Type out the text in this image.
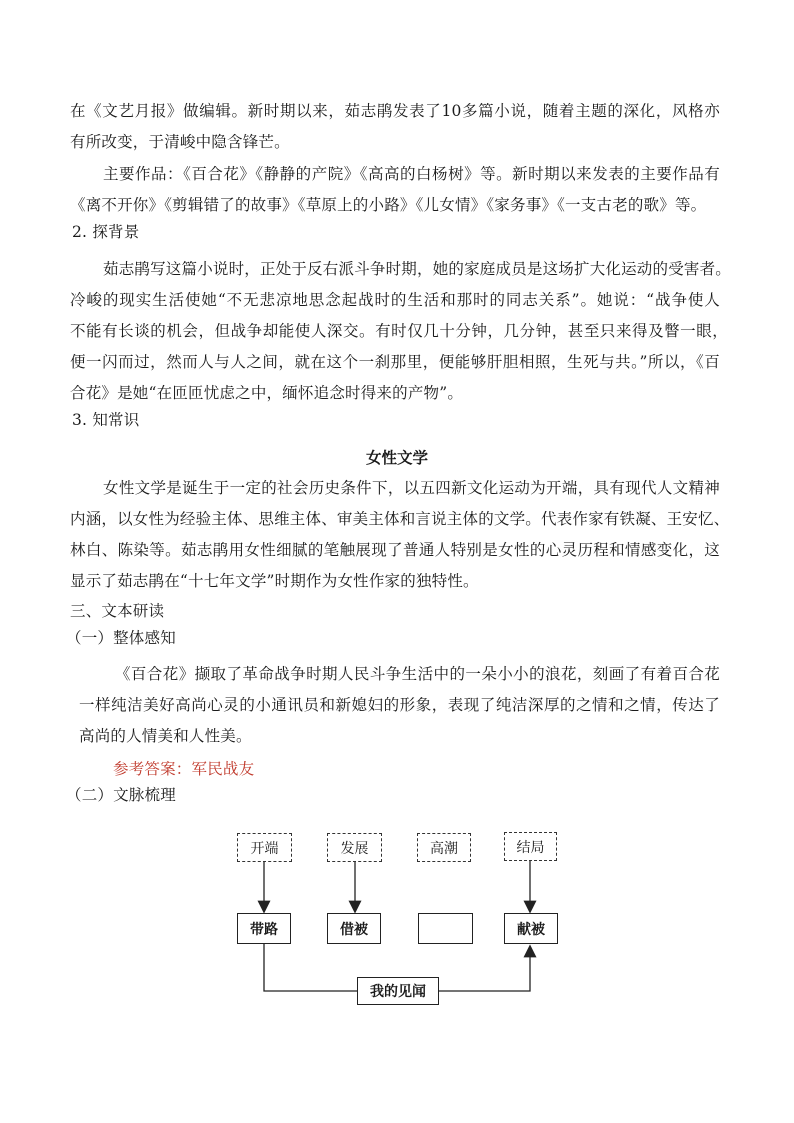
在《文艺月报》做编辑。新时期以来，茹志鹃发表了10多篇小说，随着主题的深化，风格亦
有所改变，于清峻中隐含锋芒。
主要作品：《百合花》《静静的产院》《高高的白杨树》等。新时期以来发表的主要作品有
《离不开你》《剪辑错了的故事》《草原上的小路》《儿女情》《家务事》《一支古老的歌》等。
2. 探背景
茹志鹃写这篇小说时，正处于反右派斗争时期，她的家庭成员是这场扩大化运动的受害者。
冷峻的现实生活使她“不无悲凉地思念起战时的生活和那时的同志关系”。她说：“战争使人
不能有长谈的机会，但战争却能使人深交。有时仅几十分钟，几分钟，甚至只来得及瞥一眼，
便一闪而过，然而人与人之间，就在这个一刹那里，便能够肝胆相照，生死与共。”所以，《百
合花》是她“在匝匝忧虑之中，缅怀追念时得来的产物”。
3. 知常识
女性文学
女性文学是诞生于一定的社会历史条件下，以五四新文化运动为开端，具有现代人文精神
内涵，以女性为经验主体、思维主体、审美主体和言说主体的文学。代表作家有铁凝、王安忆、
林白、陈染等。茹志鹃用女性细腻的笔触展现了普通人特别是女性的心灵历程和情感变化，这
显示了茹志鹃在“十七年文学”时期作为女性作家的独特性。
三、文本研读
（一）整体感知
《百合花》撷取了革命战争时期人民斗争生活中的一朵小小的浪花，刻画了有着百合花
一样纯洁美好高尚心灵的小通讯员和新媳妇的形象，表现了纯洁深厚的之情和之情，传达了
高尚的人情美和人性美。
参考答案：军民战友
（二）文脉梳理
开端	发展	高潮	结局
带路	借被	献被
我的见闻
